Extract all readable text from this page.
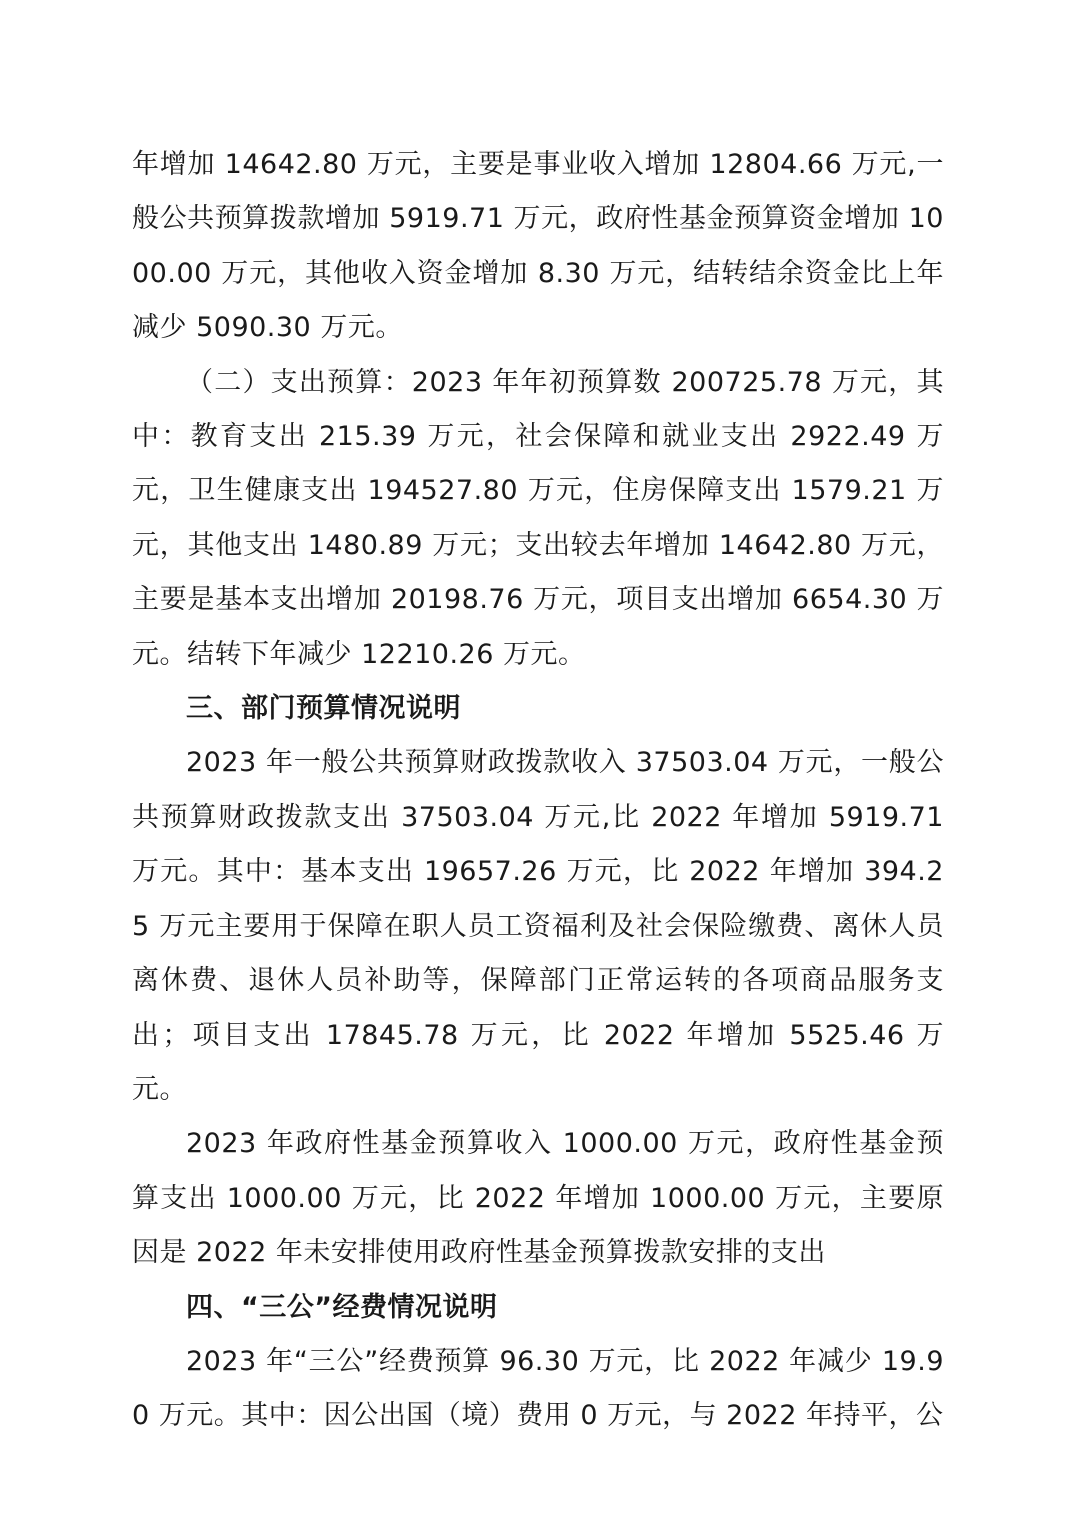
年增加 14642.80 万元，主要是事业收入增加 12804.66 万元,一般公共预算拨款增加 5919.71 万元，政府性基金预算资金增加 1000.00 万元，其他收入资金增加 8.30 万元，结转结余资金比上年减少 5090.30 万元。

（二）支出预算：2023 年年初预算数 200725.78 万元，其中：教育支出 215.39 万元，社会保障和就业支出 2922.49 万元，卫生健康支出 194527.80 万元，住房保障支出 1579.21 万元，其他支出 1480.89 万元；支出较去年增加 14642.80 万元，主要是基本支出增加 20198.76 万元，项目支出增加 6654.30 万元。结转下年减少 12210.26 万元。

三、部门预算情况说明

2023 年一般公共预算财政拨款收入 37503.04 万元，一般公共预算财政拨款支出 37503.04 万元,比 2022 年增加 5919.71 万元。其中：基本支出 19657.26 万元，比 2022 年增加 394.25 万元主要用于保障在职人员工资福利及社会保险缴费、离休人员离休费、退休人员补助等，保障部门正常运转的各项商品服务支出；项目支出 17845.78 万元，比 2022 年增加 5525.46 万元。

2023 年政府性基金预算收入 1000.00 万元，政府性基金预算支出 1000.00 万元，比 2022 年增加 1000.00 万元，主要原因是 2022 年未安排使用政府性基金预算拨款安排的支出

四、“三公”经费情况说明

2023 年“三公”经费预算 96.30 万元，比 2022 年减少 19.90 万元。其中：因公出国（境）费用 0 万元，与 2022 年持平，公
